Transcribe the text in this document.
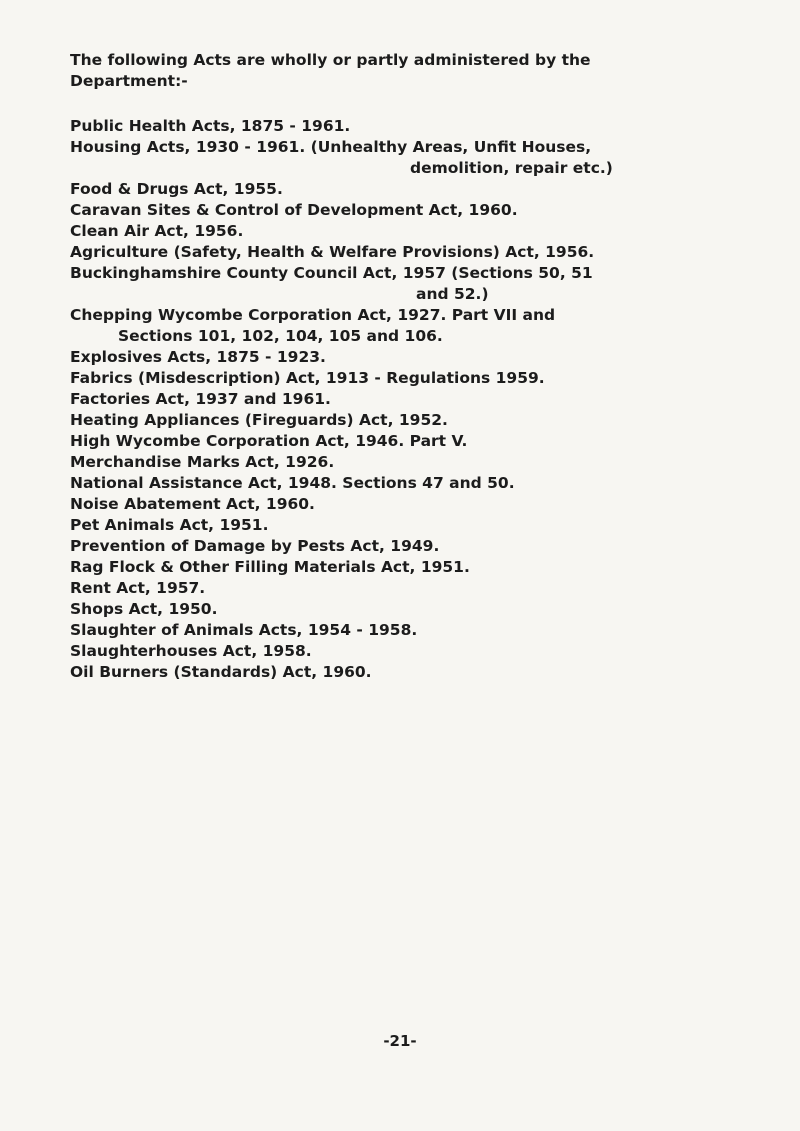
The following Acts are wholly or partly administered by the Department:-
Public Health Acts, 1875 - 1961.
Housing Acts, 1930 - 1961. (Unhealthy Areas, Unfit Houses,
demolition, repair etc.)
Food & Drugs Act, 1955.
Caravan Sites & Control of Development Act, 1960.
Clean Air Act, 1956.
Agriculture (Safety, Health & Welfare Provisions) Act, 1956.
Buckinghamshire County Council Act, 1957 (Sections 50, 51
and 52.)
Chepping Wycombe Corporation Act, 1927. Part VII and
Sections 101, 102, 104, 105 and 106.
Explosives Acts, 1875 - 1923.
Fabrics (Misdescription) Act, 1913 - Regulations 1959.
Factories Act, 1937 and 1961.
Heating Appliances (Fireguards) Act, 1952.
High Wycombe Corporation Act, 1946. Part V.
Merchandise Marks Act, 1926.
National Assistance Act, 1948. Sections 47 and 50.
Noise Abatement Act, 1960.
Pet Animals Act, 1951.
Prevention of Damage by Pests Act, 1949.
Rag Flock & Other Filling Materials Act, 1951.
Rent Act, 1957.
Shops Act, 1950.
Slaughter of Animals Acts, 1954 - 1958.
Slaughterhouses Act, 1958.
Oil Burners (Standards) Act, 1960.
-21-
